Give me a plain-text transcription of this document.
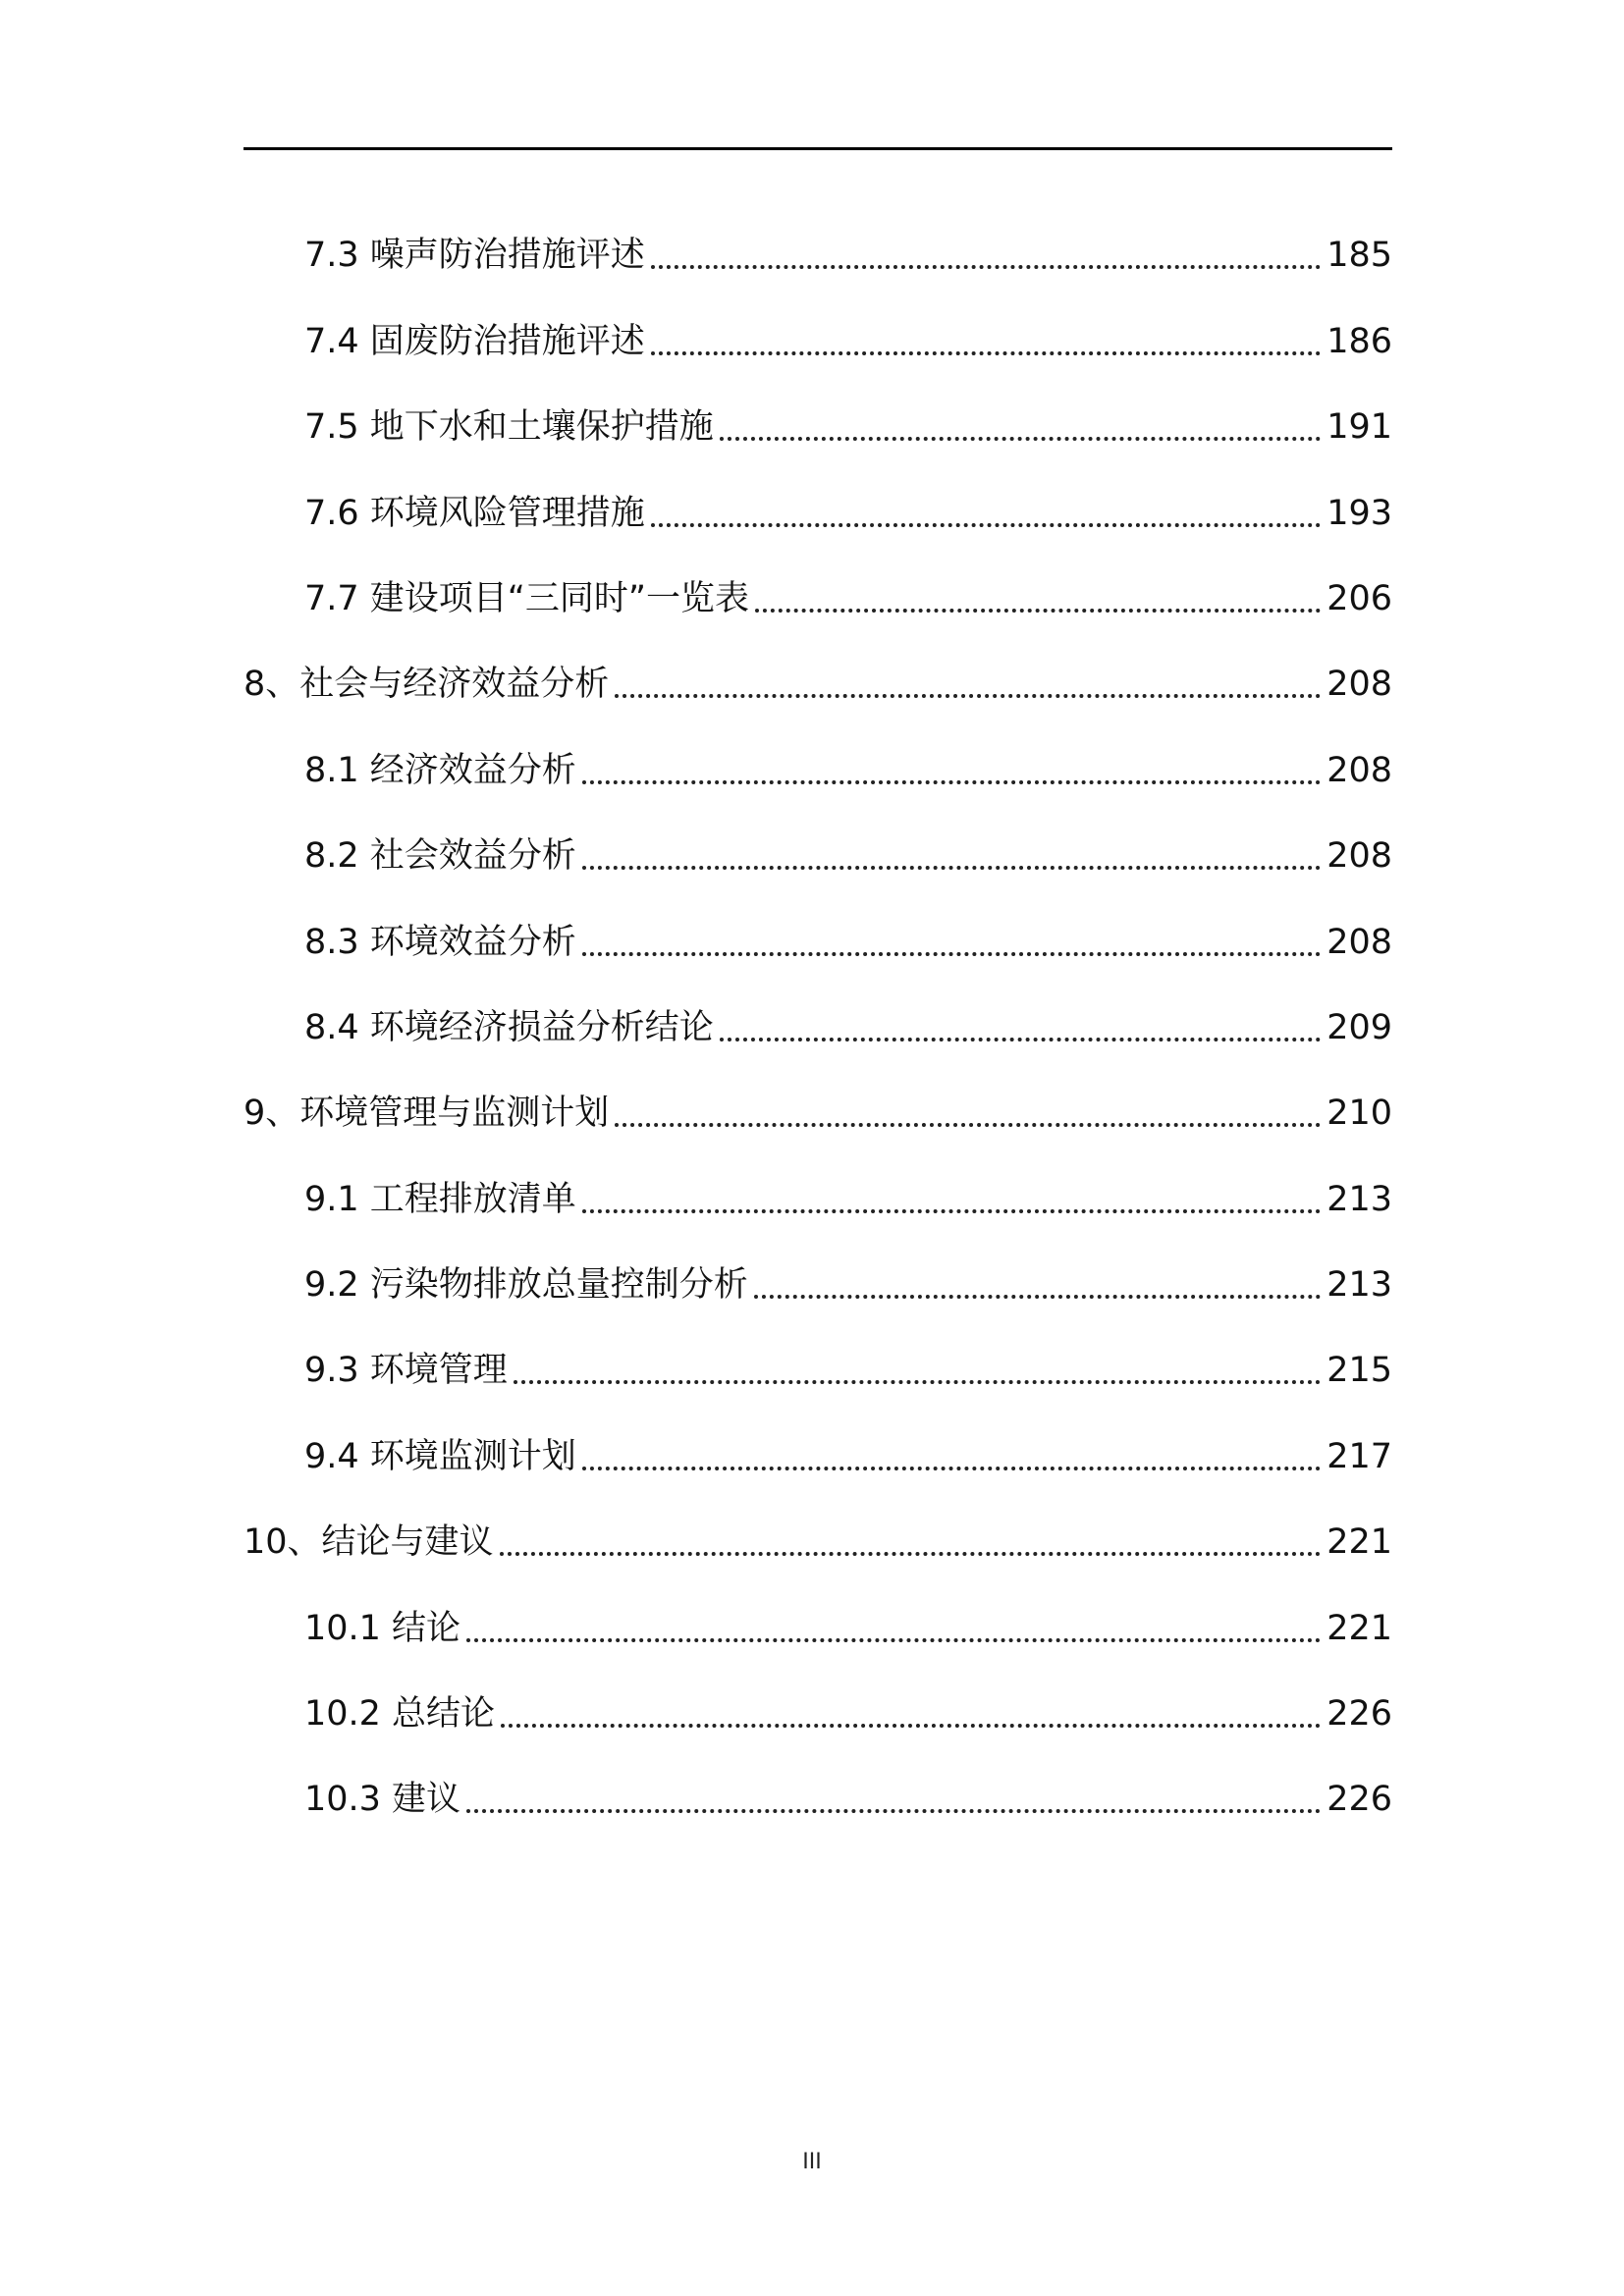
7.3 噪声防治措施评述	185
7.4 固废防治措施评述	186
7.5 地下水和土壤保护措施	191
7.6 环境风险管理措施	193
7.7 建设项目“三同时”一览表	206
8、社会与经济效益分析	208
8.1 经济效益分析	208
8.2 社会效益分析	208
8.3 环境效益分析	208
8.4 环境经济损益分析结论	209
9、环境管理与监测计划	210
9.1 工程排放清单	213
9.2 污染物排放总量控制分析	213
9.3 环境管理	215
9.4 环境监测计划	217
10、结论与建议	221
10.1 结论	221
10.2 总结论	226
10.3 建议	226
III
